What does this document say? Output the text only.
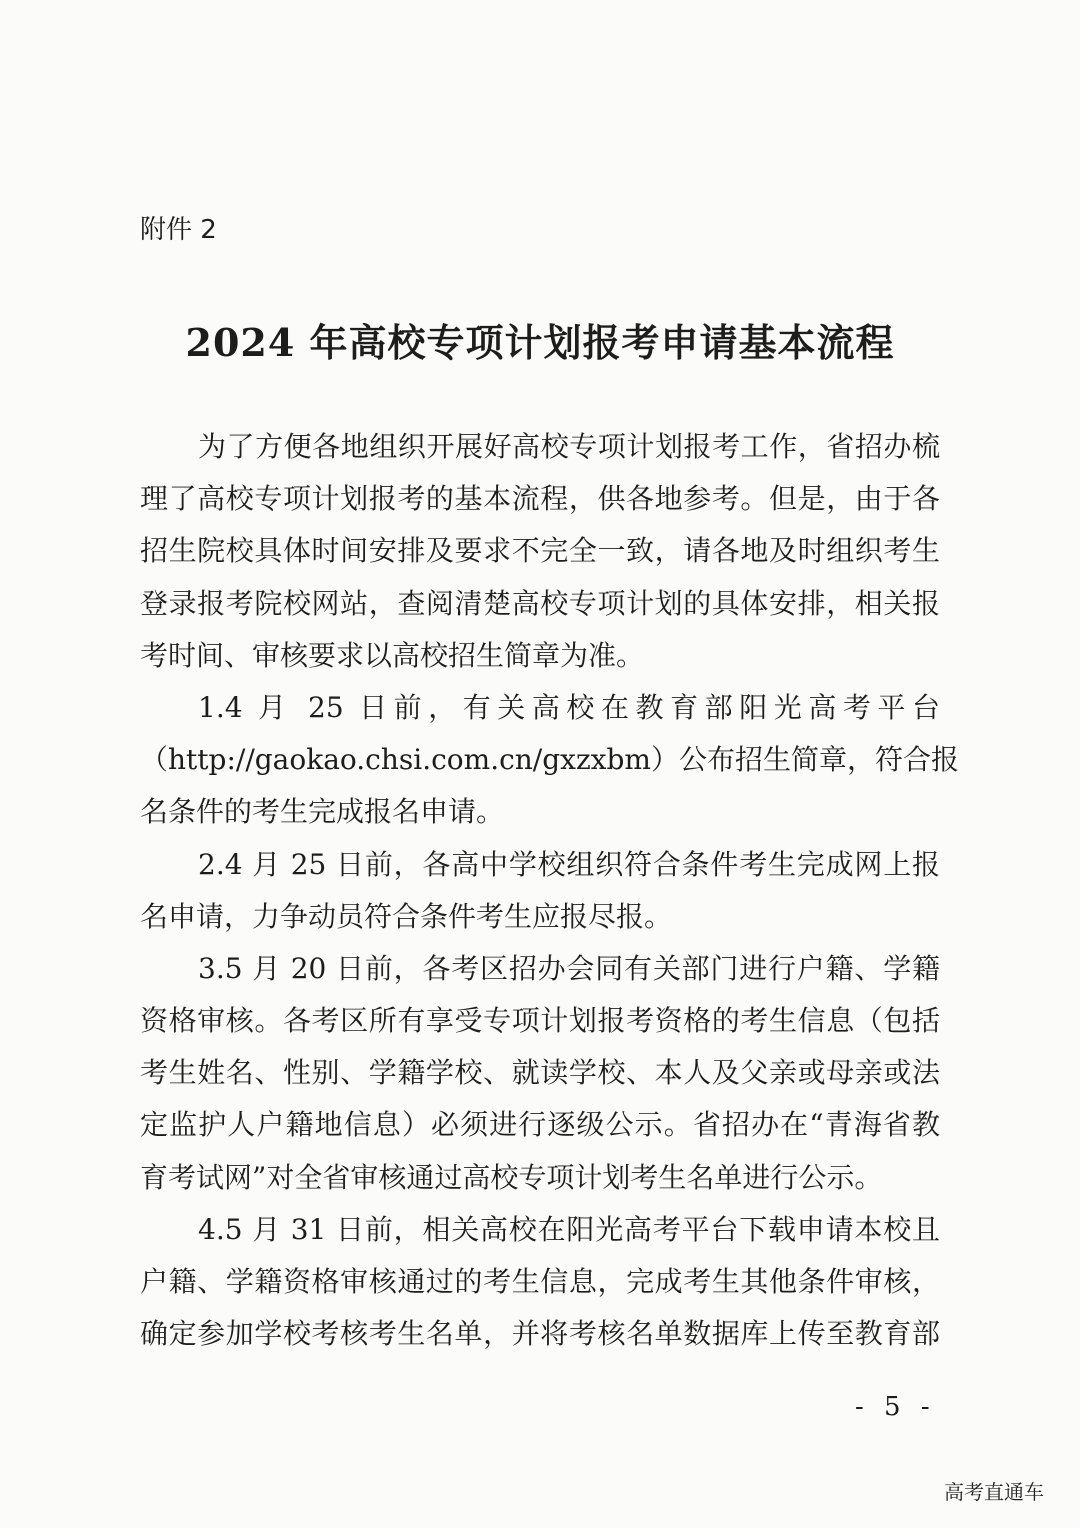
附件 2
2024 年高校专项计划报考申请基本流程
为了方便各地组织开展好高校专项计划报考工作，省招办梳
理了高校专项计划报考的基本流程，供各地参考。但是，由于各
招生院校具体时间安排及要求不完全一致，请各地及时组织考生
登录报考院校网站，查阅清楚高校专项计划的具体安排，相关报
考时间、审核要求以高校招生简章为准。
1.4 月 25 日前，有关高校在教育部阳光高考平台
（http://gaokao.chsi.com.cn/gxzxbm）公布招生简章，符合报
名条件的考生完成报名申请。
2.4 月 25 日前，各高中学校组织符合条件考生完成网上报
名申请，力争动员符合条件考生应报尽报。
3.5 月 20 日前，各考区招办会同有关部门进行户籍、学籍
资格审核。各考区所有享受专项计划报考资格的考生信息（包括
考生姓名、性别、学籍学校、就读学校、本人及父亲或母亲或法
定监护人户籍地信息）必须进行逐级公示。省招办在“青海省教
育考试网”对全省审核通过高校专项计划考生名单进行公示。
4.5 月 31 日前，相关高校在阳光高考平台下载申请本校且
户籍、学籍资格审核通过的考生信息，完成考生其他条件审核，
确定参加学校考核考生名单，并将考核名单数据库上传至教育部
- 5 -
高考直通车
